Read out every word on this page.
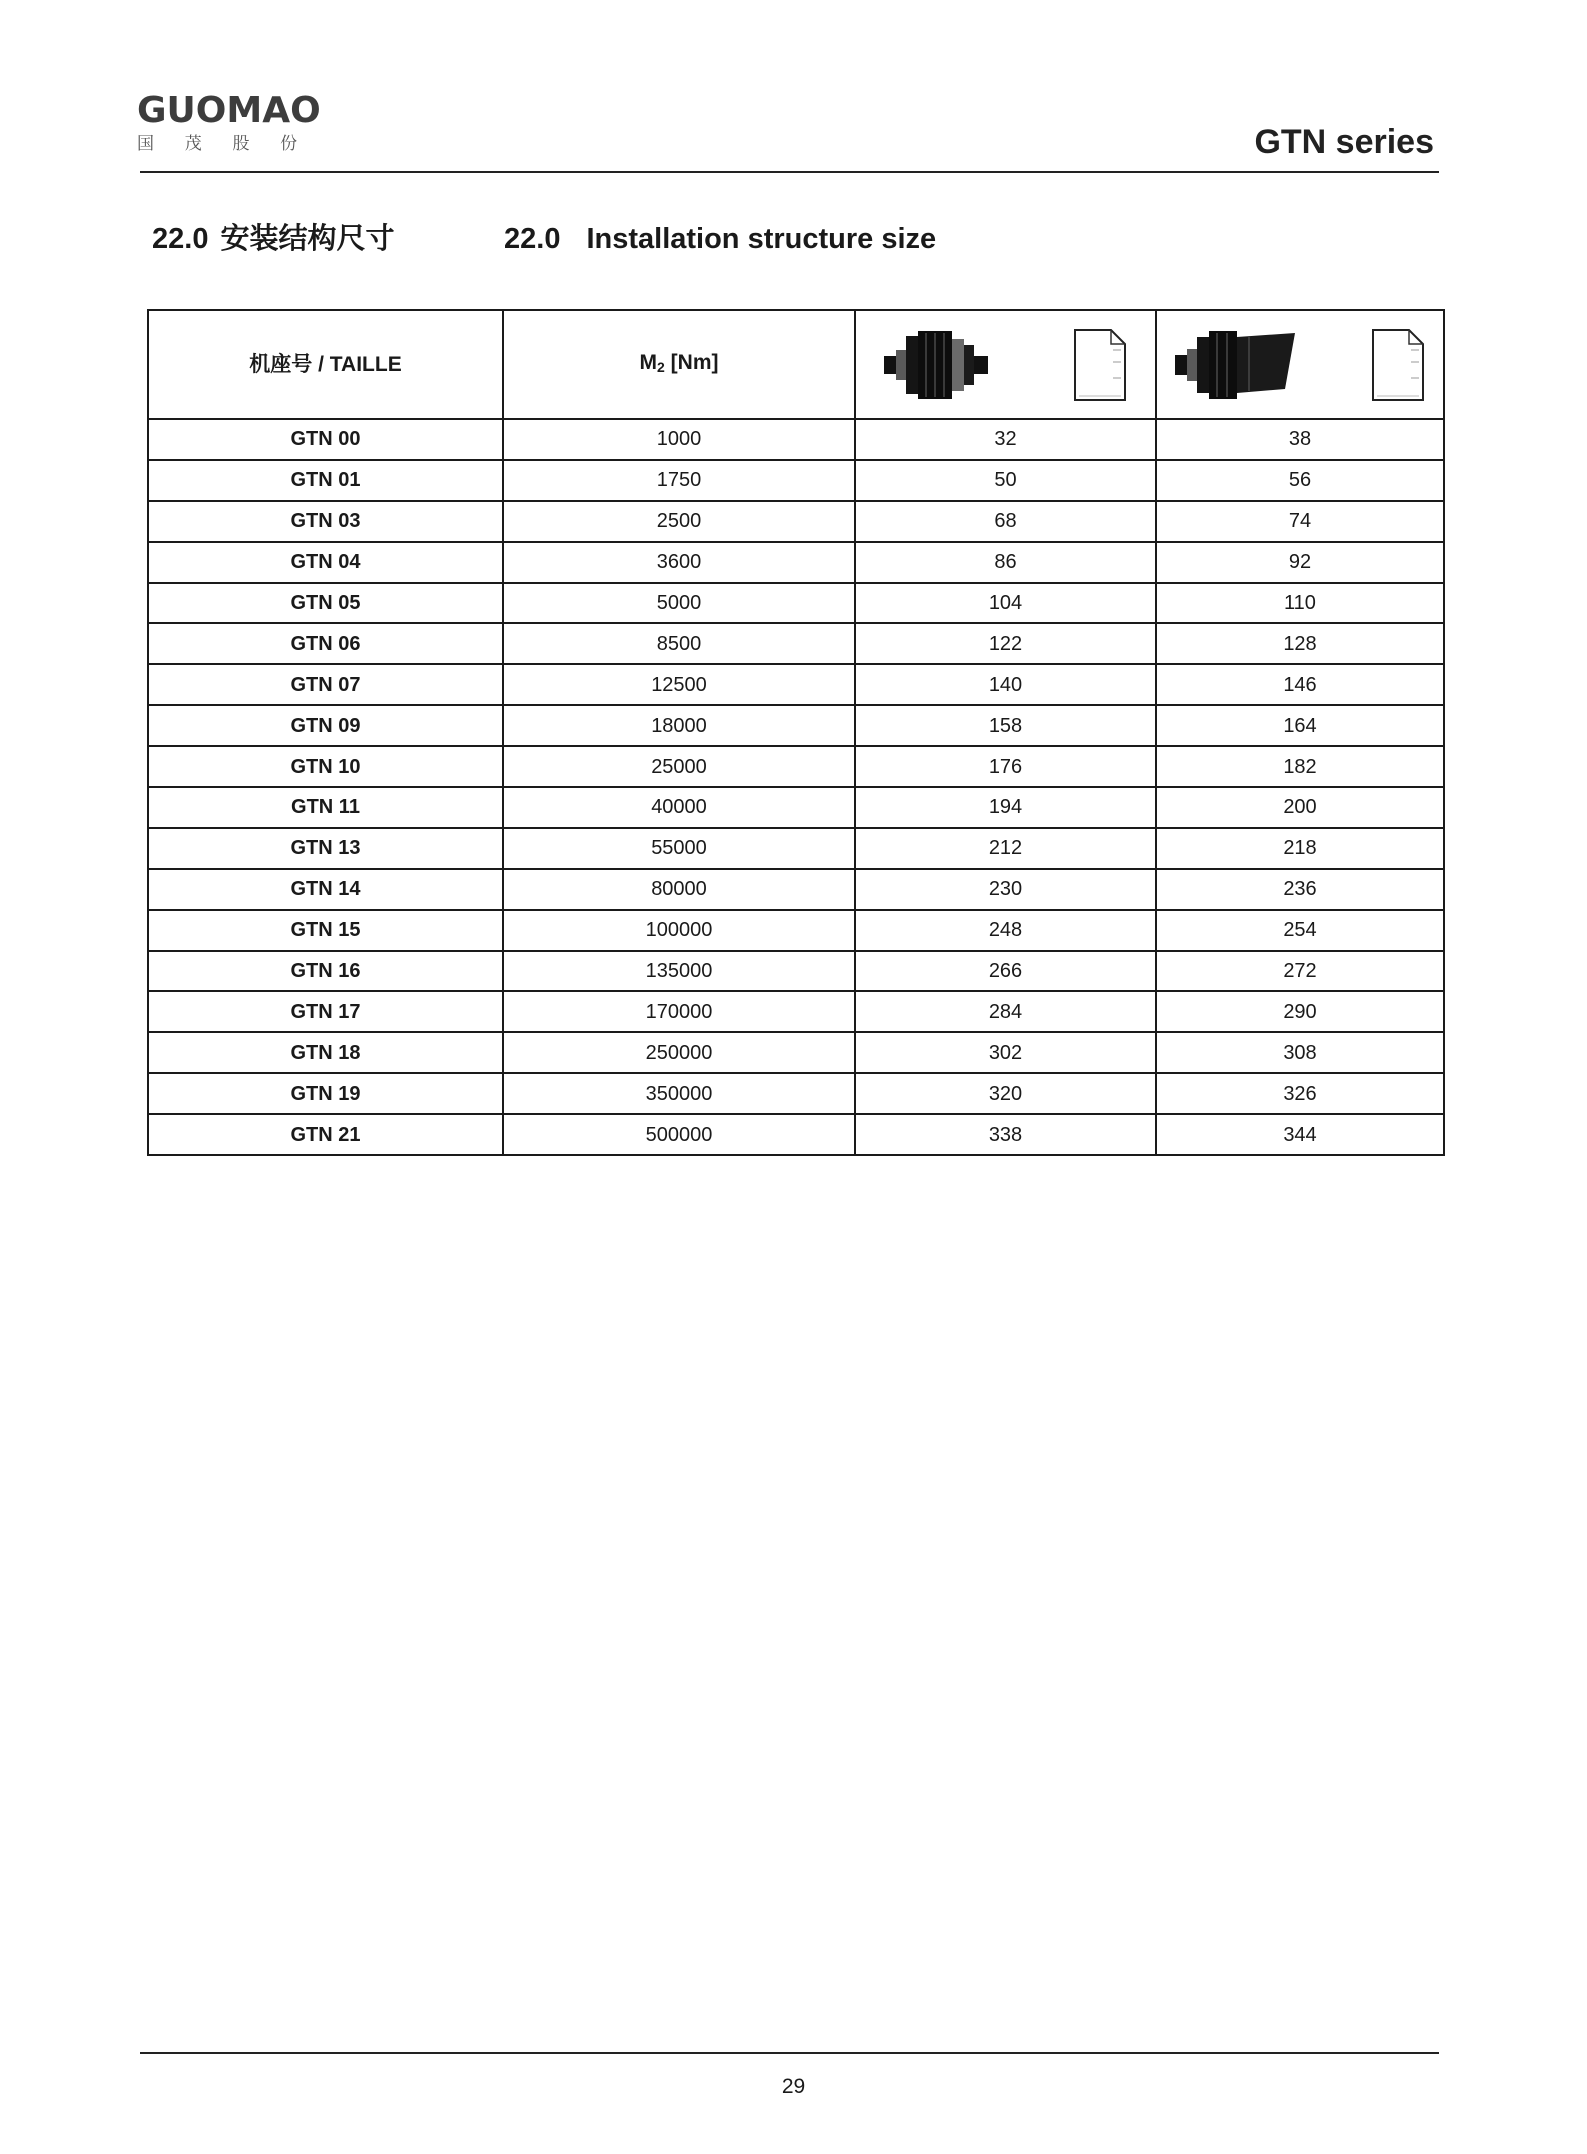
GUOMAO
国 茂 股 份	GTN series
22.0 安装结构尺寸	22.0 Installation structure size
机座号 / TAILLE	$M_2$ [Nm]	

GTN 00	1000	32	38
GTN 01	1750	50	56
GTN 03	2500	68	74
GTN 04	3600	86	92
GTN 05	5000	104	110
GTN 06	8500	122	128
GTN 07	12500	140	146
GTN 09	18000	158	164
GTN 10	25000	176	182
GTN 11	40000	194	200
GTN 13	55000	212	218
GTN 14	80000	230	236
GTN 15	100000	248	254
GTN 16	135000	266	272
GTN 17	170000	284	290
GTN 18	250000	302	308
GTN 19	350000	320	326
GTN 21	500000	338	344
29
